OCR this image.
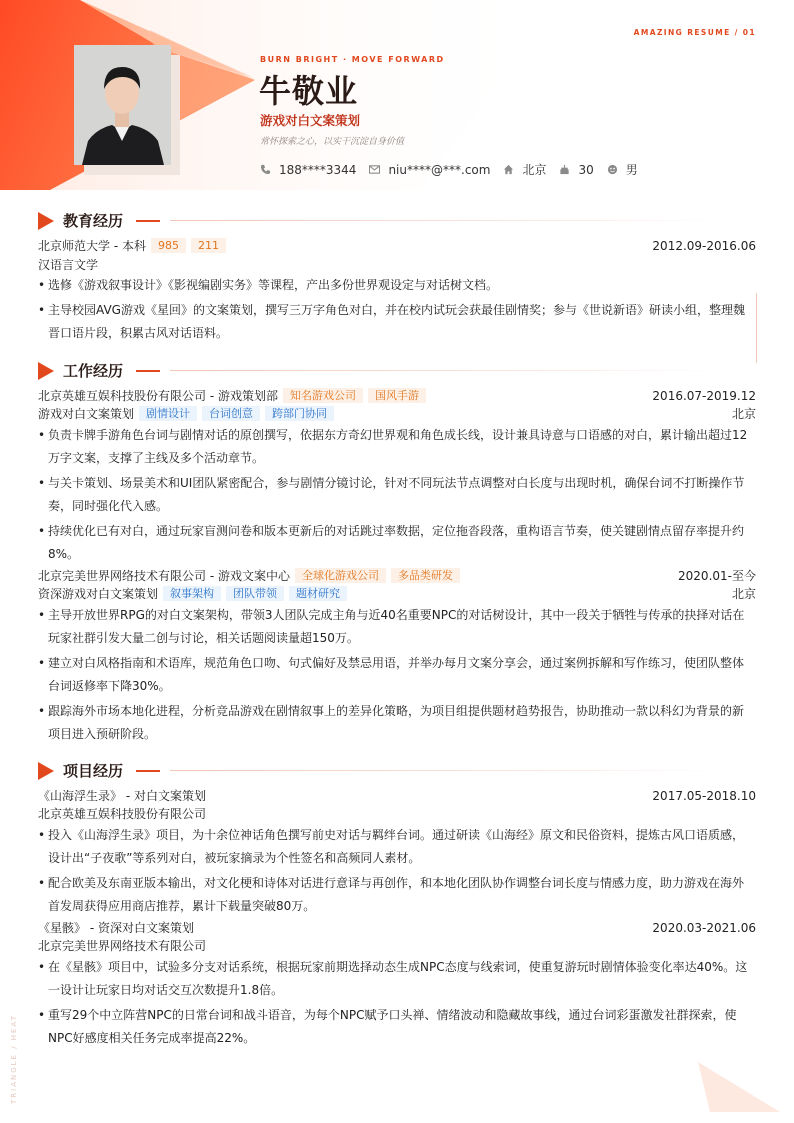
AMAZING RESUME / 01
BURN BRIGHT · MOVE FORWARD
牛敬业
游戏对白文案策划
常怀探索之心，以实干沉淀自身价值
188****3344	niu****@***.com	北京	30	男
教育经历
北京师范大学 - 本科 985 211	2012.09-2016.06
汉语言文学
• 选修《游戏叙事设计》《影视编剧实务》等课程，产出多份世界观设定与对话树文档。
• 主导校园AVG游戏《星回》的文案策划，撰写三万字角色对白，并在校内试玩会获最佳剧情奖；参与《世说新语》研读小组，整理魏晋口语片段，积累古风对话语料。
工作经历
北京英雄互娱科技股份有限公司 - 游戏策划部 知名游戏公司 国风手游	2016.07-2019.12
游戏对白文案策划 剧情设计 台词创意 跨部门协同	北京
• 负责卡牌手游角色台词与剧情对话的原创撰写，依据东方奇幻世界观和角色成长线，设计兼具诗意与口语感的对白，累计输出超过12万字文案，支撑了主线及多个活动章节。
• 与关卡策划、场景美术和UI团队紧密配合，参与剧情分镜讨论，针对不同玩法节点调整对白长度与出现时机，确保台词不打断操作节奏，同时强化代入感。
• 持续优化已有对白，通过玩家盲测问卷和版本更新后的对话跳过率数据，定位拖沓段落，重构语言节奏，使关键剧情点留存率提升约8%。
北京完美世界网络技术有限公司 - 游戏文案中心 全球化游戏公司 多品类研发	2020.01-至今
资深游戏对白文案策划 叙事架构 团队带领 题材研究	北京
• 主导开放世界RPG的对白文案架构，带领3人团队完成主角与近40名重要NPC的对话树设计，其中一段关于牺牲与传承的抉择对话在玩家社群引发大量二创与讨论，相关话题阅读量超150万。
• 建立对白风格指南和术语库，规范角色口吻、句式偏好及禁忌用语，并举办每月文案分享会，通过案例拆解和写作练习，使团队整体台词返修率下降30%。
• 跟踪海外市场本地化进程，分析竞品游戏在剧情叙事上的差异化策略，为项目组提供题材趋势报告，协助推动一款以科幻为背景的新项目进入预研阶段。
项目经历
《山海浮生录》 - 对白文案策划	2017.05-2018.10
北京英雄互娱科技股份有限公司
• 投入《山海浮生录》项目，为十余位神话角色撰写前史对话与羁绊台词。通过研读《山海经》原文和民俗资料，提炼古风口语质感，设计出“子夜歌”等系列对白，被玩家摘录为个性签名和高频同人素材。
• 配合欧美及东南亚版本输出，对文化梗和诗体对话进行意译与再创作，和本地化团队协作调整台词长度与情感力度，助力游戏在海外首发周获得应用商店推荐，累计下载量突破80万。
《星骸》 - 资深对白文案策划	2020.03-2021.06
北京完美世界网络技术有限公司
• 在《星骸》项目中，试验多分支对话系统，根据玩家前期选择动态生成NPC态度与线索词，使重复游玩时剧情体验变化率达40%。这一设计让玩家日均对话交互次数提升1.8倍。
• 重写29个中立阵营NPC的日常台词和战斗语音，为每个NPC赋予口头禅、情绪波动和隐藏故事线，通过台词彩蛋激发社群探索，使NPC好感度相关任务完成率提高22%。
TRIANGLE / HEAT
